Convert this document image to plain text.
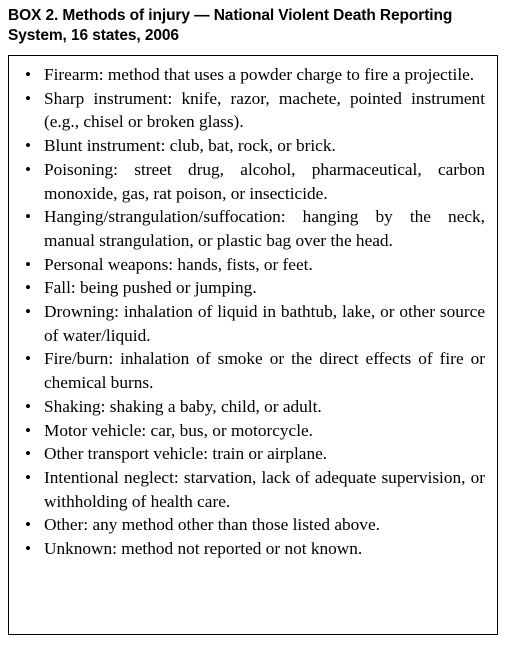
BOX 2. Methods of injury — National Violent Death Reporting System, 16 states, 2006
• Firearm: method that uses a powder charge to fire a projectile.
• Sharp instrument: knife, razor, machete, pointed instrument (e.g., chisel or broken glass).
• Blunt instrument: club, bat, rock, or brick.
• Poisoning: street drug, alcohol, pharmaceutical, carbon monoxide, gas, rat poison, or insecticide.
• Hanging/strangulation/suffocation: hanging by the neck, manual strangulation, or plastic bag over the head.
• Personal weapons: hands, fists, or feet.
• Fall: being pushed or jumping.
• Drowning: inhalation of liquid in bathtub, lake, or other source of water/liquid.
• Fire/burn: inhalation of smoke or the direct effects of fire or chemical burns.
• Shaking: shaking a baby, child, or adult.
• Motor vehicle: car, bus, or motorcycle.
• Other transport vehicle: train or airplane.
• Intentional neglect: starvation, lack of adequate supervision, or withholding of health care.
• Other: any method other than those listed above.
• Unknown: method not reported or not known.
